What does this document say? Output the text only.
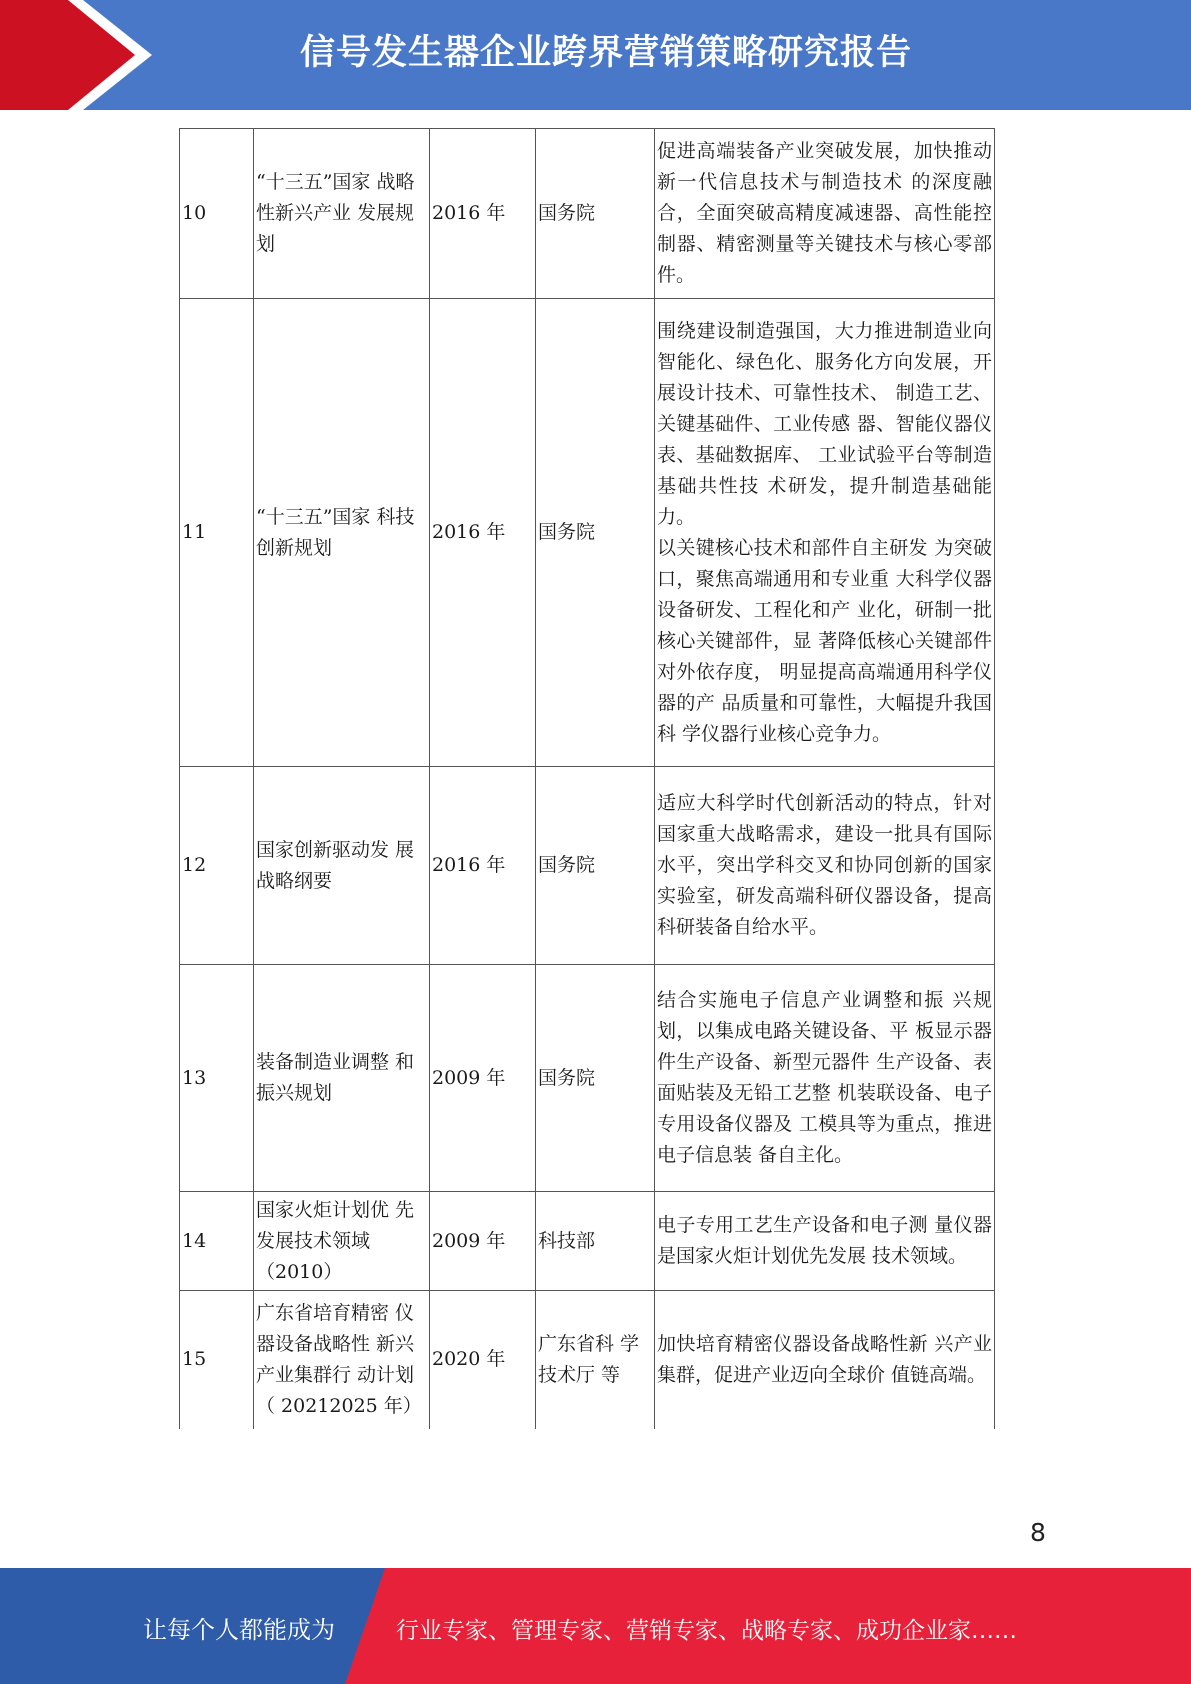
信号发生器企业跨界营销策略研究报告
10	“十三五”国家 战略性新兴产业 发展规划	2016 年	国务院	促进高端装备产业突破发展，加快推动新一代信息技术与制造技术 的深度融合，全面突破高精度减速器、高性能控制器、精密测量等关键技术与核心零部件。

11	“十三五”国家 科技创新规划	2016 年	国务院	围绕建设制造强国，大力推进制造业向智能化、绿色化、服务化方向发展，开展设计技术、可靠性技术、 制造工艺、关键基础件、工业传感 器、智能仪器仪表、基础数据库、 工业试验平台等制造基础共性技 术研发，提升制造基础能力。
以关键核心技术和部件自主研发 为突破口，聚焦高端通用和专业重 大科学仪器设备研发、工程化和产 业化，研制一批核心关键部件，显 著降低核心关键部件对外依存度， 明显提高高端通用科学仪器的产 品质量和可靠性，大幅提升我国科 学仪器行业核心竞争力。

12	国家创新驱动发 展战略纲要	2016 年	国务院	适应大科学时代创新活动的特点，针对国家重大战略需求，建设一批具有国际水平，突出学科交叉和协同创新的国家实验室，研发高端科研仪器设备，提高科研装备自给水平。

13	装备制造业调整 和振兴规划	2009 年	国务院	结合实施电子信息产业调整和振 兴规划，以集成电路关键设备、平 板显示器件生产设备、新型元器件 生产设备、表面贴装及无铅工艺整 机装联设备、电子专用设备仪器及 工模具等为重点，推进电子信息装 备自主化。

14	国家火炬计划优 先发展技术领域（2010）	2009 年	科技部	电子专用工艺生产设备和电子测 量仪器是国家火炬计划优先发展 技术领域。

15	广东省培育精密 仪器设备战略性 新兴产业集群行 动计划（ 20212025 年）	2020 年	广东省科 学技术厅 等	加快培育精密仪器设备战略性新 兴产业集群，促进产业迈向全球价 值链高端。
8
让每个人都能成为	行业专家、管理专家、营销专家、战略专家、成功企业家……
